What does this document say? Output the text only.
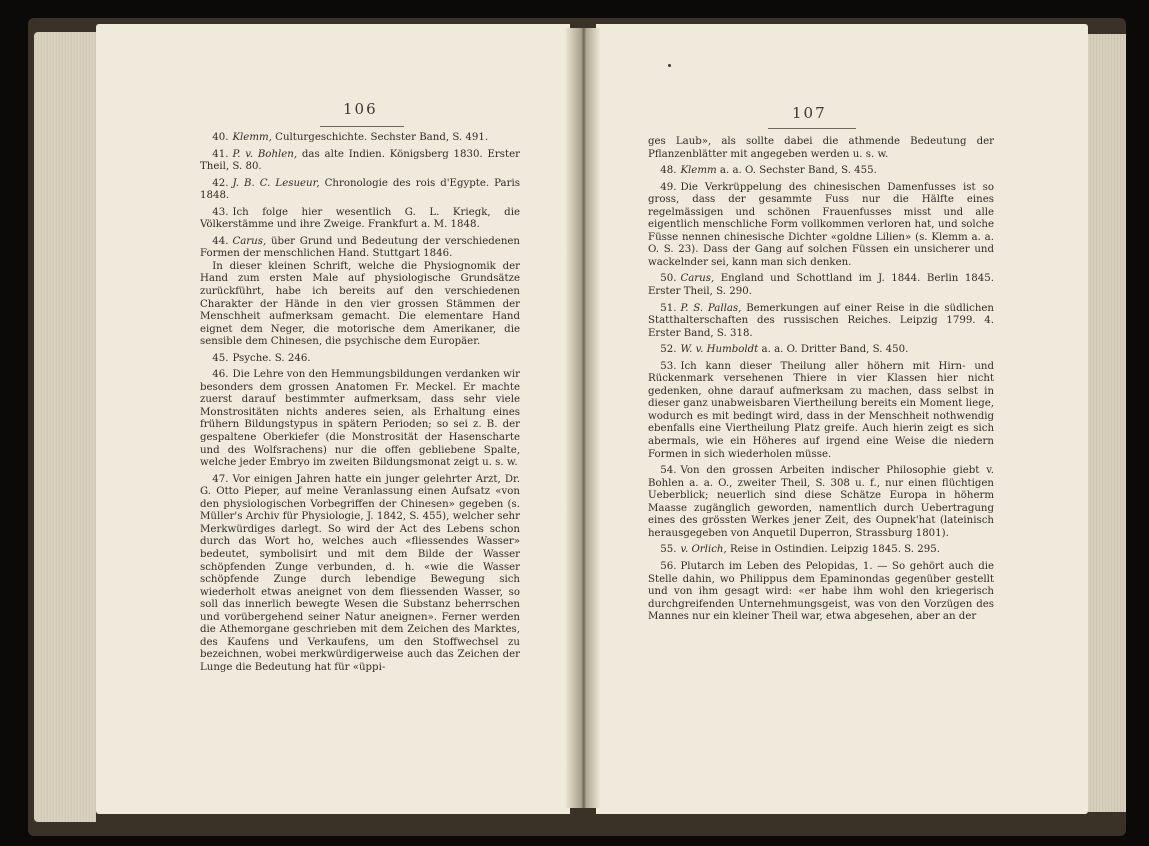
106

40. Klemm, Culturgeschichte. Sechster Band, S. 491.

41. P. v. Bohlen, das alte Indien. Königsberg 1830. Erster Theil, S. 80.

42. J. B. C. Lesueur, Chronologie des rois d'Egypte. Paris 1848.

43. Ich folge hier wesentlich G. L. Kriegk, die Völkerstämme und ihre Zweige. Frankfurt a. M. 1848.

44. Carus, über Grund und Bedeutung der verschiedenen Formen der menschlichen Hand. Stuttgart 1846.

In dieser kleinen Schrift, welche die Physiognomik der Hand zum ersten Male auf physiologische Grundsätze zurückführt, habe ich bereits auf den verschiedenen Charakter der Hände in den vier grossen Stämmen der Menschheit aufmerksam gemacht. Die elementare Hand eignet dem Neger, die motorische dem Amerikaner, die sensible dem Chinesen, die psychische dem Europäer.

45. Psyche. S. 246.

46. Die Lehre von den Hemmungsbildungen verdanken wir besonders dem grossen Anatomen Fr. Meckel. Er machte zuerst darauf bestimmter aufmerksam, dass sehr viele Monstrositäten nichts anderes seien, als Erhaltung eines frühern Bildungstypus in spätern Perioden; so sei z. B. der gespaltene Oberkiefer (die Monstrosität der Hasenscharte und des Wolfsrachens) nur die offen gebliebene Spalte, welche jeder Embryo im zweiten Bildungsmonat zeigt u. s. w.

47. Vor einigen Jahren hatte ein junger gelehrter Arzt, Dr. G. Otto Pieper, auf meine Veranlassung einen Aufsatz «von den physiologischen Vorbegriffen der Chinesen» gegeben (s. Müller's Archiv für Physiologie, J. 1842, S. 455), welcher sehr Merkwürdiges darlegt. So wird der Act des Lebens schon durch das Wort ho, welches auch «fliessendes Wasser» bedeutet, symbolisirt und mit dem Bilde der Wasser schöpfenden Zunge verbunden, d. h. «wie die Wasser schöpfende Zunge durch lebendige Bewegung sich wiederholt etwas aneignet von dem fliessenden Wasser, so soll das innerlich bewegte Wesen die Substanz beherrschen und vorübergehend seiner Natur aneignen». Ferner werden die Athemorgane geschrieben mit dem Zeichen des Marktes, des Kaufens und Verkaufens, um den Stoffwechsel zu bezeichnen, wobei merkwürdigerweise auch das Zeichen der Lunge die Bedeutung hat für «üppi-

107

ges Laub», als sollte dabei die athmende Bedeutung der Pflanzenblätter mit angegeben werden u. s. w.

48. Klemm a. a. O. Sechster Band, S. 455.

49. Die Verkrüppelung des chinesischen Damenfusses ist so gross, dass der gesammte Fuss nur die Hälfte eines regelmässigen und schönen Frauenfusses misst und alle eigentlich menschliche Form vollkommen verloren hat, und solche Füsse nennen chinesische Dichter «goldne Lilien» (s. Klemm a. a. O. S. 23). Dass der Gang auf solchen Füssen ein unsicherer und wackelnder sei, kann man sich denken.

50. Carus, England und Schottland im J. 1844. Berlin 1845. Erster Theil, S. 290.

51. P. S. Pallas, Bemerkungen auf einer Reise in die südlichen Statthalterschaften des russischen Reiches. Leipzig 1799. 4. Erster Band, S. 318.

52. W. v. Humboldt a. a. O. Dritter Band, S. 450.

53. Ich kann dieser Theilung aller höhern mit Hirn- und Rückenmark versehenen Thiere in vier Klassen hier nicht gedenken, ohne darauf aufmerksam zu machen, dass selbst in dieser ganz unabweisbaren Viertheilung bereits ein Moment liege, wodurch es mit bedingt wird, dass in der Menschheit nothwendig ebenfalls eine Viertheilung Platz greife. Auch hierin zeigt es sich abermals, wie ein Höheres auf irgend eine Weise die niedern Formen in sich wiederholen müsse.

54. Von den grossen Arbeiten indischer Philosophie giebt v. Bohlen a. a. O., zweiter Theil, S. 308 u. f., nur einen flüchtigen Ueberblick; neuerlich sind diese Schätze Europa in höherm Maasse zugänglich geworden, namentlich durch Uebertragung eines des grössten Werkes jener Zeit, des Oupnek'hat (lateinisch herausgegeben von Anquetil Duperron, Strassburg 1801).

55. v. Orlich, Reise in Ostindien. Leipzig 1845. S. 295.

56. Plutarch im Leben des Pelopidas, 1. — So gehört auch die Stelle dahin, wo Philippus dem Epaminondas gegenüber gestellt und von ihm gesagt wird: «er habe ihm wohl den kriegerisch durchgreifenden Unternehmungsgeist, was von den Vorzügen des Mannes nur ein kleiner Theil war, etwa abgesehen, aber an der
